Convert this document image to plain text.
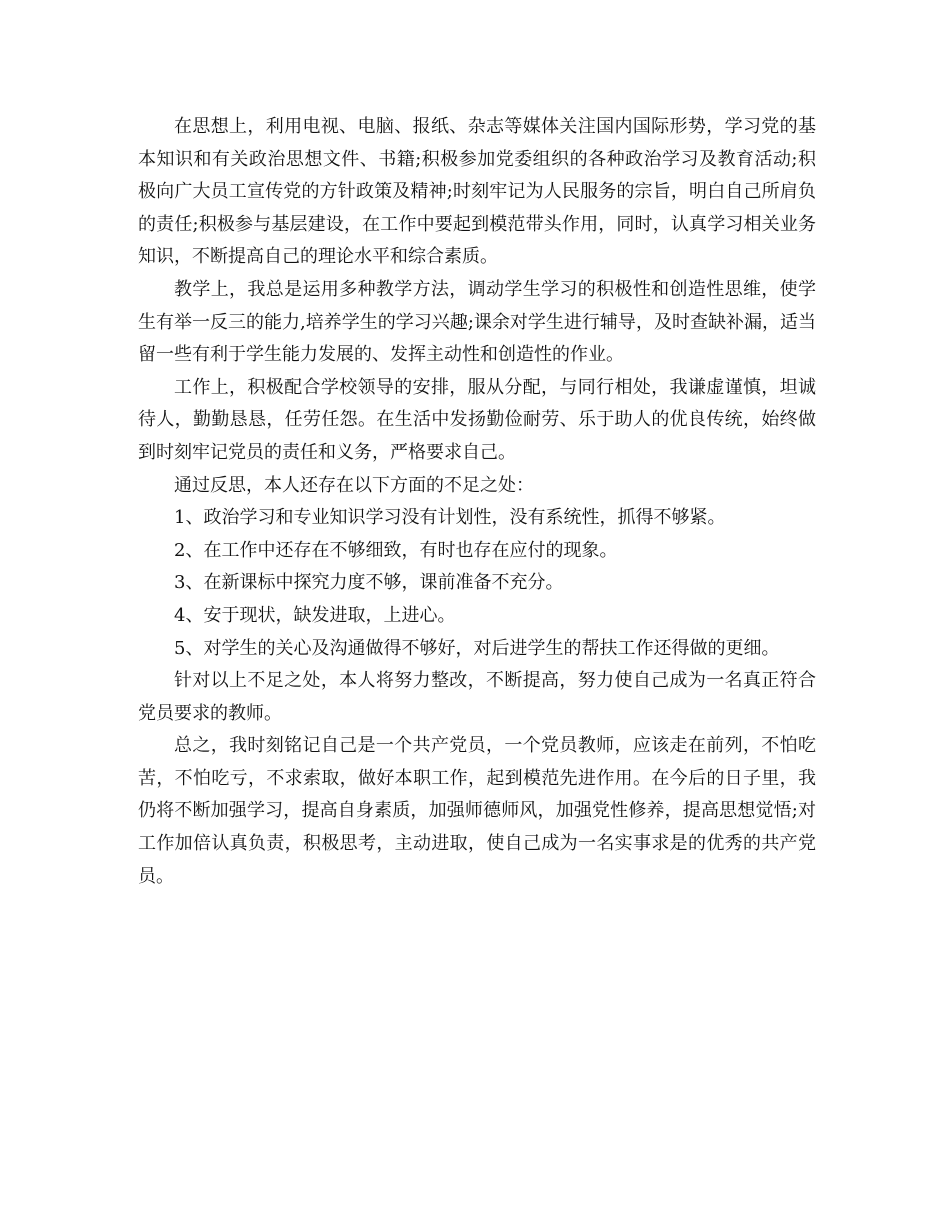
在思想上，利用电视、电脑、报纸、杂志等媒体关注国内国际形势，学习党的基本知识和有关政治思想文件、书籍;积极参加党委组织的各种政治学习及教育活动;积极向广大员工宣传党的方针政策及精神;时刻牢记为人民服务的宗旨，明白自己所肩负的责任;积极参与基层建设，在工作中要起到模范带头作用，同时，认真学习相关业务知识，不断提高自己的理论水平和综合素质。

教学上，我总是运用多种教学方法，调动学生学习的积极性和创造性思维，使学生有举一反三的能力,培养学生的学习兴趣;课余对学生进行辅导，及时查缺补漏，适当留一些有利于学生能力发展的、发挥主动性和创造性的作业。

工作上，积极配合学校领导的安排，服从分配，与同行相处，我谦虚谨慎，坦诚待人，勤勤恳恳，任劳任怨。在生活中发扬勤俭耐劳、乐于助人的优良传统，始终做到时刻牢记党员的责任和义务，严格要求自己。

通过反思，本人还存在以下方面的不足之处：

1、政治学习和专业知识学习没有计划性，没有系统性，抓得不够紧。

2、在工作中还存在不够细致，有时也存在应付的现象。

3、在新课标中探究力度不够，课前准备不充分。

4、安于现状，缺发进取，上进心。

5、对学生的关心及沟通做得不够好，对后进学生的帮扶工作还得做的更细。

针对以上不足之处，本人将努力整改，不断提高，努力使自己成为一名真正符合党员要求的教师。

总之，我时刻铭记自己是一个共产党员，一个党员教师，应该走在前列，不怕吃苦，不怕吃亏，不求索取，做好本职工作，起到模范先进作用。在今后的日子里，我仍将不断加强学习，提高自身素质，加强师德师风，加强党性修养，提高思想觉悟;对工作加倍认真负责，积极思考，主动进取，使自己成为一名实事求是的优秀的共产党员。
